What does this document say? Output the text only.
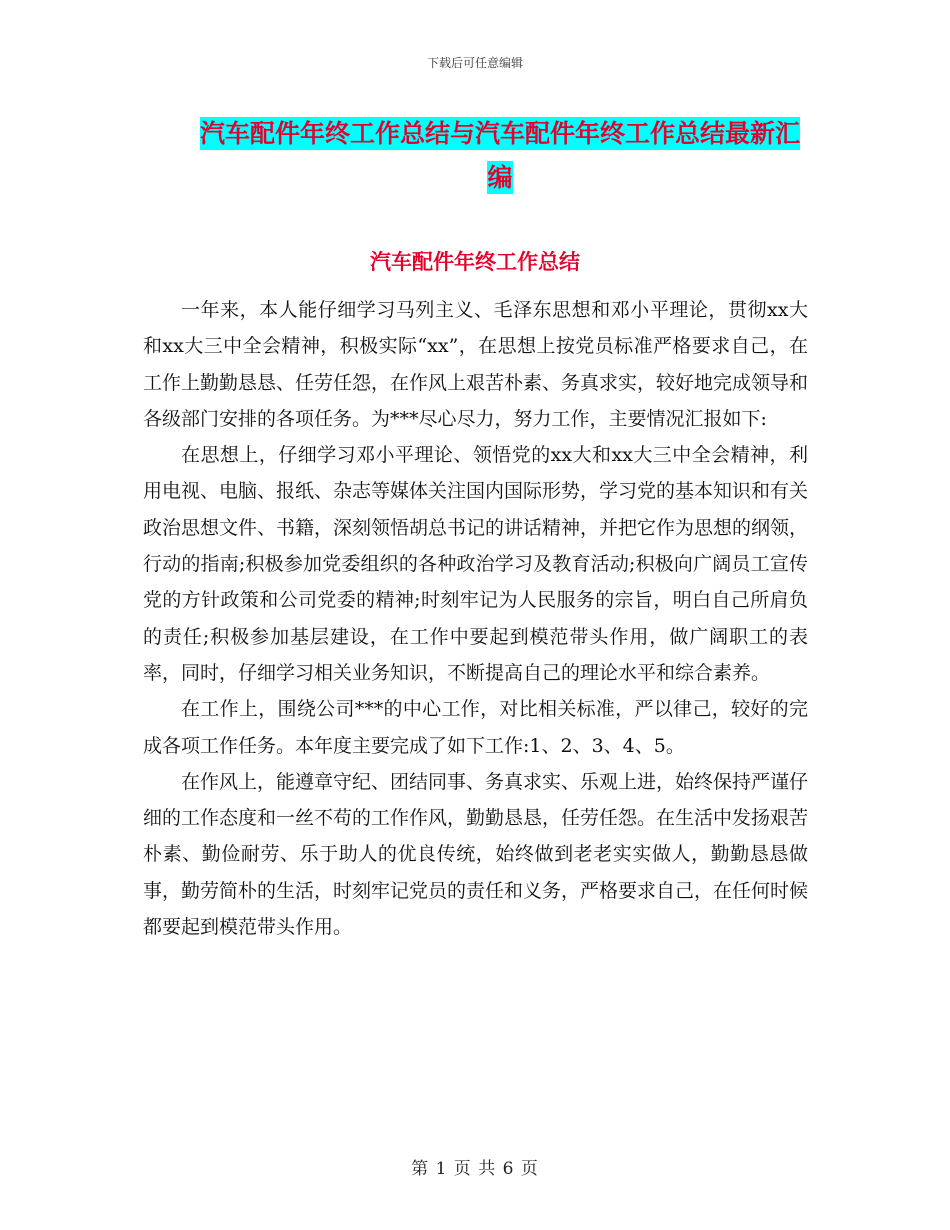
下载后可任意编辑
汽车配件年终工作总结与汽车配件年终工作总结最新汇编
汽车配件年终工作总结

一年来，本人能仔细学习马列主义、毛泽东思想和邓小平理论，贯彻xx大和xx大三中全会精神，积极实际“xx”，在思想上按党员标准严格要求自己，在工作上勤勤恳恳、任劳任怨，在作风上艰苦朴素、务真求实，较好地完成领导和各级部门安排的各项任务。为***尽心尽力，努力工作，主要情况汇报如下:

在思想上，仔细学习邓小平理论、领悟党的xx大和xx大三中全会精神，利用电视、电脑、报纸、杂志等媒体关注国内国际形势，学习党的基本知识和有关政治思想文件、书籍，深刻领悟胡总书记的讲话精神，并把它作为思想的纲领，行动的指南;积极参加党委组织的各种政治学习及教育活动;积极向广阔员工宣传党的方针政策和公司党委的精神;时刻牢记为人民服务的宗旨，明白自己所肩负的责任;积极参加基层建设，在工作中要起到模范带头作用，做广阔职工的表率，同时，仔细学习相关业务知识，不断提高自己的理论水平和综合素养。

在工作上，围绕公司***的中心工作，对比相关标准，严以律己，较好的完成各项工作任务。本年度主要完成了如下工作:1、2、3、4、5。

在作风上，能遵章守纪、团结同事、务真求实、乐观上进，始终保持严谨仔细的工作态度和一丝不苟的工作作风，勤勤恳恳，任劳任怨。在生活中发扬艰苦朴素、勤俭耐劳、乐于助人的优良传统，始终做到老老实实做人，勤勤恳恳做事，勤劳简朴的生活，时刻牢记党员的责任和义务，严格要求自己，在任何时候都要起到模范带头作用。

第 1 页 共 6 页
